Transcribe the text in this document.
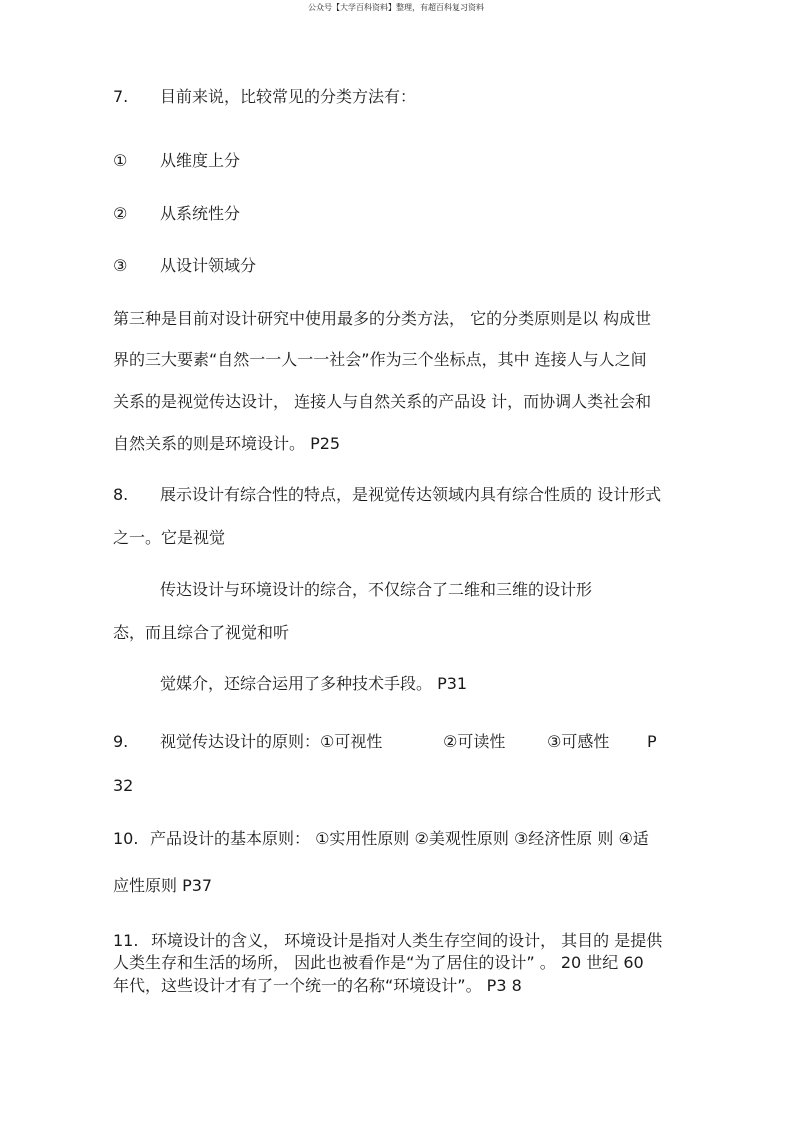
公众号【大学百科资料】整理，有超百科复习资料
7. 目前来说，比较常见的分类方法有：
① 从维度上分
② 从系统性分
③ 从设计领域分
第三种是目前对设计研究中使用最多的分类方法， 它的分类原则是以 构成世
界的三大要素“自然一一人一一社会”作为三个坐标点，其中 连接人与人之间
关系的是视觉传达设计， 连接人与自然关系的产品设 计，而协调人类社会和
自然关系的则是环境设计。 P25
8. 展示设计有综合性的特点，是视觉传达领域内具有综合性质的 设计形式
之一。它是视觉
传达设计与环境设计的综合，不仅综合了二维和三维的设计形
态，而且综合了视觉和听
觉媒介，还综合运用了多种技术手段。 P31
9. 视觉传达设计的原则：①可视性	②可读性	③可感性 P
32
10. 产品设计的基本原则： ①实用性原则 ②美观性原则 ③经济性原 则 ④适
应性原则 P37
11. 环境设计的含义， 环境设计是指对人类生存空间的设计， 其目的 是提供
人类生存和生活的场所， 因此也被看作是“为了居住的设计” 。 20 世纪 60
年代，这些设计才有了一个统一的名称“环境设计”。 P3 8
